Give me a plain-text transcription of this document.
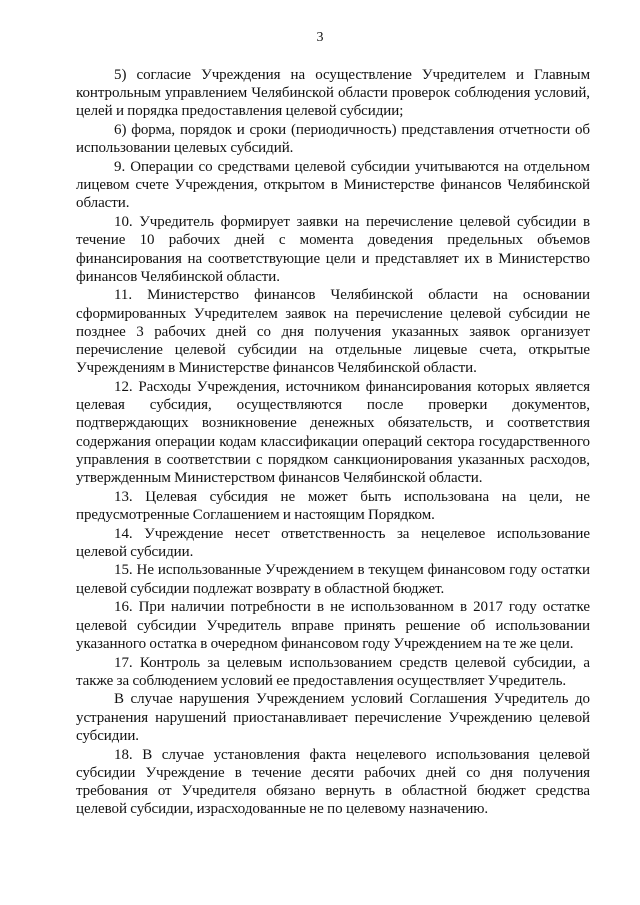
3

5) согласие Учреждения на осуществление Учредителем и Главным контрольным управлением Челябинской области проверок соблюдения условий, целей и порядка предоставления целевой субсидии;

6) форма, порядок и сроки (периодичность) представления отчетности об использовании целевых субсидий.

9. Операции со средствами целевой субсидии учитываются на отдельном лицевом счете Учреждения, открытом в Министерстве финансов Челябинской области.

10. Учредитель формирует заявки на перечисление целевой субсидии в течение 10 рабочих дней с момента доведения предельных объемов финансирования на соответствующие цели и представляет их в Министерство финансов Челябинской области.

11. Министерство финансов Челябинской области на основании сформированных Учредителем заявок на перечисление целевой субсидии не позднее 3 рабочих дней со дня получения указанных заявок организует перечисление целевой субсидии на отдельные лицевые счета, открытые Учреждениям в Министерстве финансов Челябинской области.

12. Расходы Учреждения, источником финансирования которых является целевая субсидия, осуществляются после проверки документов, подтверждающих возникновение денежных обязательств, и соответствия содержания операции кодам классификации операций сектора государственного управления в соответствии с порядком санкционирования указанных расходов, утвержденным Министерством финансов Челябинской области.

13. Целевая субсидия не может быть использована на цели, не предусмотренные Соглашением и настоящим Порядком.

14. Учреждение несет ответственность за нецелевое использование целевой субсидии.

15. Не использованные Учреждением в текущем финансовом году остатки целевой субсидии подлежат возврату в областной бюджет.

16. При наличии потребности в не использованном в 2017 году остатке целевой субсидии Учредитель вправе принять решение об использовании указанного остатка в очередном финансовом году Учреждением на те же цели.

17. Контроль за целевым использованием средств целевой субсидии, а также за соблюдением условий ее предоставления осуществляет Учредитель.

В случае нарушения Учреждением условий Соглашения Учредитель до устранения нарушений приостанавливает перечисление Учреждению целевой субсидии.

18. В случае установления факта нецелевого использования целевой субсидии Учреждение в течение десяти рабочих дней со дня получения требования от Учредителя обязано вернуть в областной бюджет средства целевой субсидии, израсходованные не по целевому назначению.
